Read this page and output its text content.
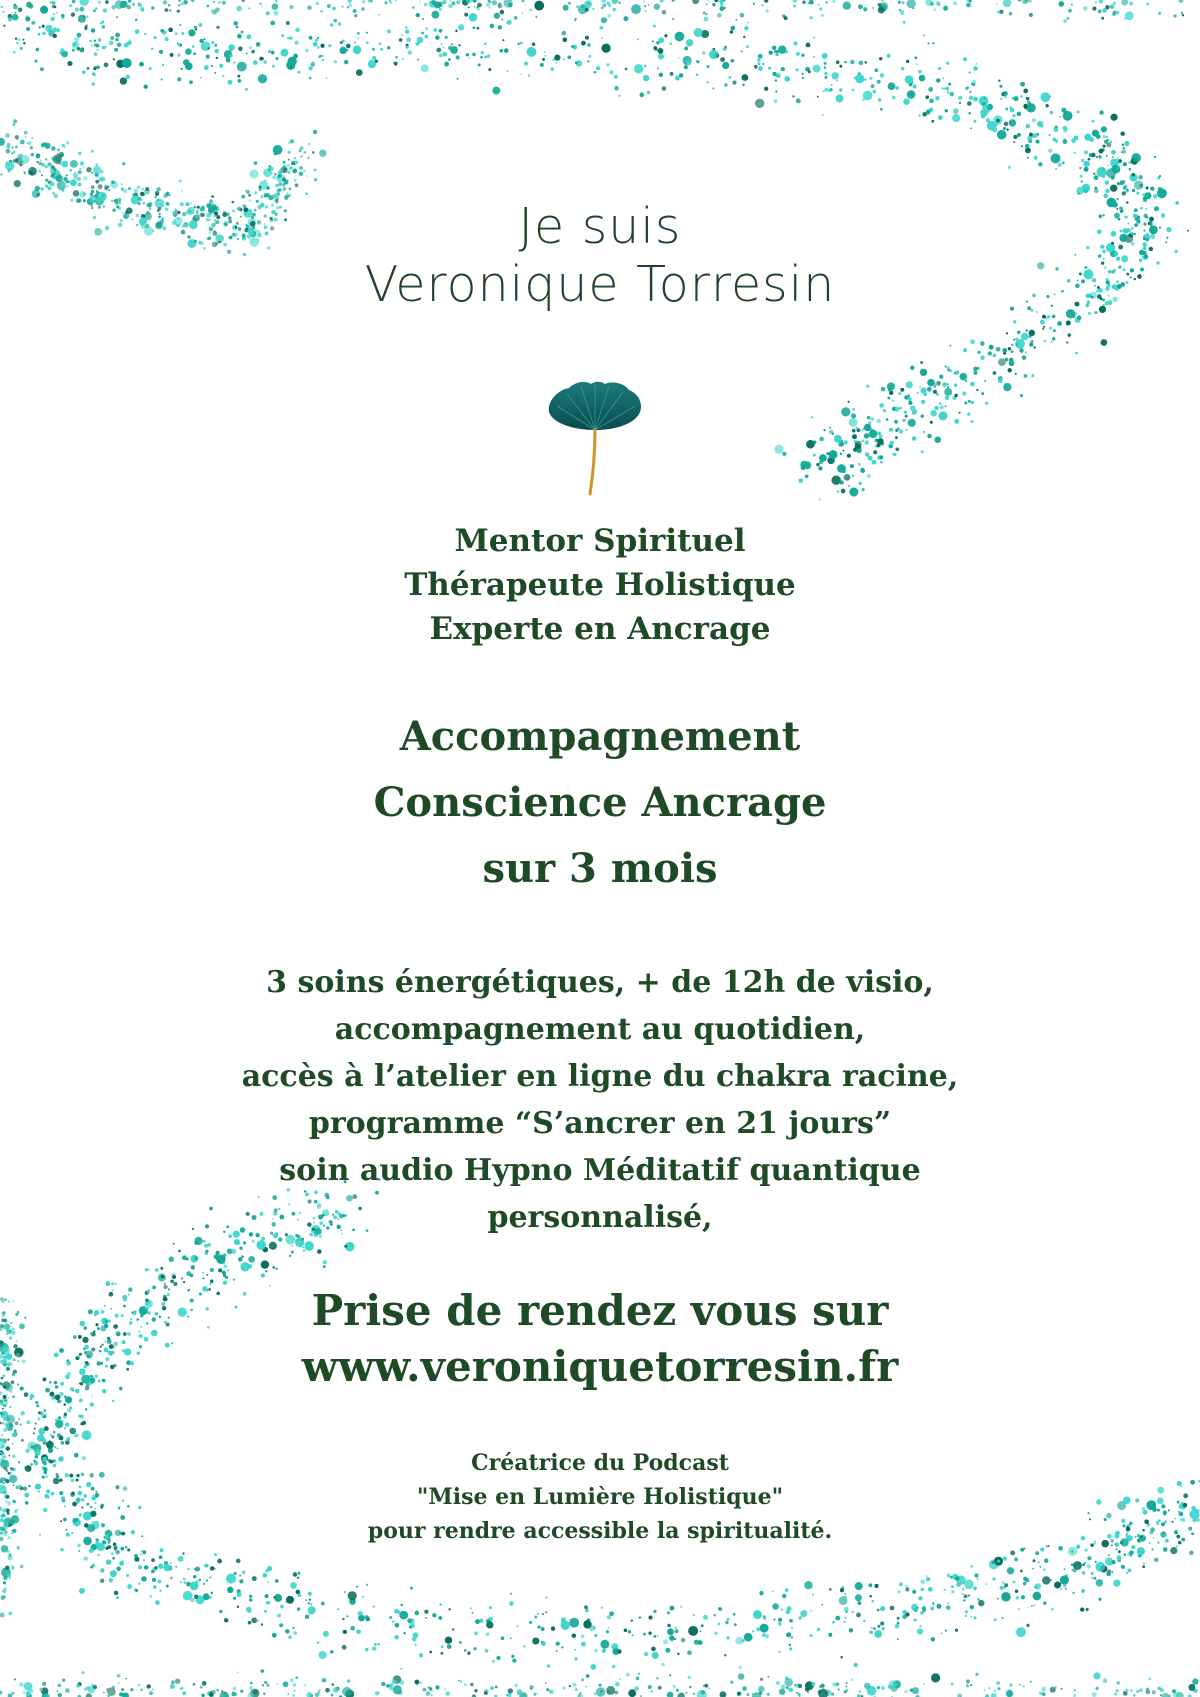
Je suis
Veronique Torresin
Mentor Spirituel
Thérapeute Holistique
Experte en Ancrage
Accompagnement
Conscience Ancrage
sur 3 mois
3 soins énergétiques, + de 12h de visio,
accompagnement au quotidien,
accès à l’atelier en ligne du chakra racine,
programme “S’ancrer en 21 jours”
soin audio Hypno Méditatif quantique
personnalisé,
Prise de rendez vous sur
www.veroniquetorresin.fr
Créatrice du Podcast
"Mise en Lumière Holistique"
pour rendre accessible la spiritualité.
